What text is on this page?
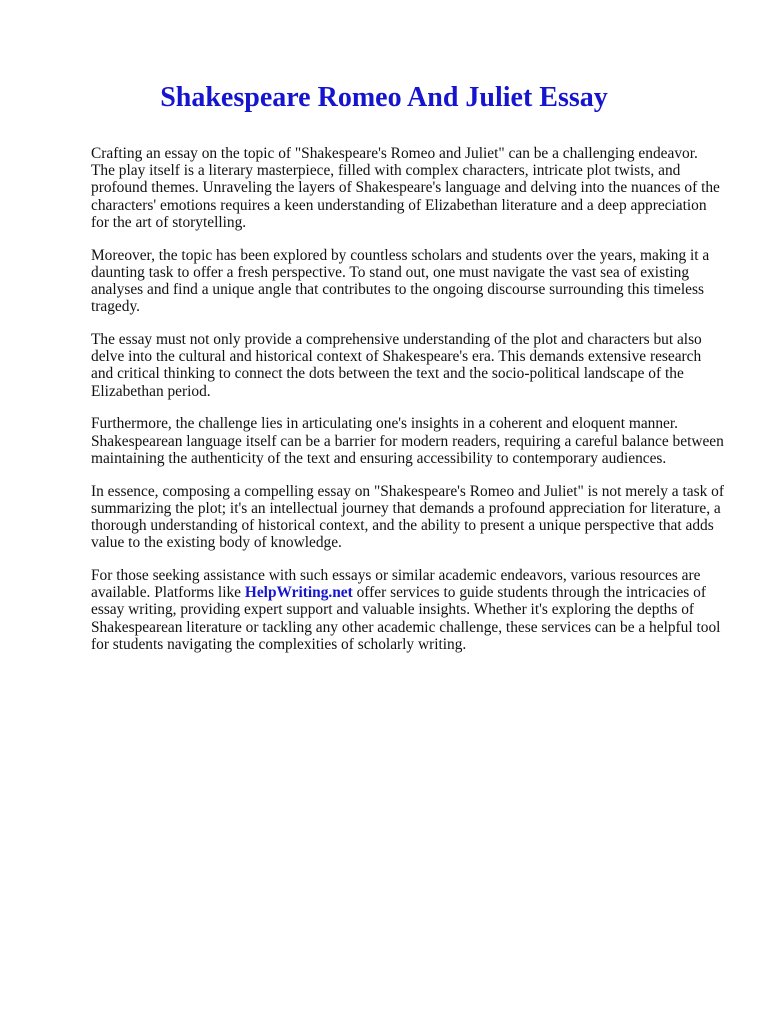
Shakespeare Romeo And Juliet Essay

Crafting an essay on the topic of "Shakespeare's Romeo and Juliet" can be a challenging endeavor. The play itself is a literary masterpiece, filled with complex characters, intricate plot twists, and profound themes. Unraveling the layers of Shakespeare's language and delving into the nuances of the characters' emotions requires a keen understanding of Elizabethan literature and a deep appreciation for the art of storytelling.

Moreover, the topic has been explored by countless scholars and students over the years, making it a daunting task to offer a fresh perspective. To stand out, one must navigate the vast sea of existing analyses and find a unique angle that contributes to the ongoing discourse surrounding this timeless tragedy.

The essay must not only provide a comprehensive understanding of the plot and characters but also delve into the cultural and historical context of Shakespeare's era. This demands extensive research and critical thinking to connect the dots between the text and the socio-political landscape of the Elizabethan period.

Furthermore, the challenge lies in articulating one's insights in a coherent and eloquent manner. Shakespearean language itself can be a barrier for modern readers, requiring a careful balance between maintaining the authenticity of the text and ensuring accessibility to contemporary audiences.

In essence, composing a compelling essay on "Shakespeare's Romeo and Juliet" is not merely a task of summarizing the plot; it's an intellectual journey that demands a profound appreciation for literature, a thorough understanding of historical context, and the ability to present a unique perspective that adds value to the existing body of knowledge.

For those seeking assistance with such essays or similar academic endeavors, various resources are available. Platforms like HelpWriting.net offer services to guide students through the intricacies of essay writing, providing expert support and valuable insights. Whether it's exploring the depths of Shakespearean literature or tackling any other academic challenge, these services can be a helpful tool for students navigating the complexities of scholarly writing.
